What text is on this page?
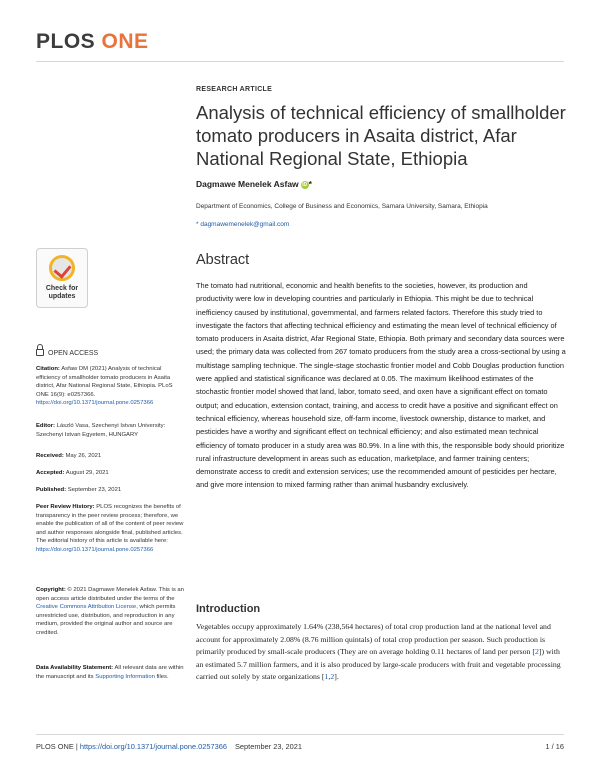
PLOS ONE
RESEARCH ARTICLE
Analysis of technical efficiency of smallholder tomato producers in Asaita district, Afar National Regional State, Ethiopia
Dagmawe Menelek Asfaw iD *
Department of Economics, College of Business and Economics, Samara University, Samara, Ethiopia
* dagmawemenelek@gmail.com
Check for
updates
OPEN ACCESS
Citation: Asfaw DM (2021) Analysis of technical efficiency of smallholder tomato producers in Asaita district, Afar National Regional State, Ethiopia. PLoS ONE 16(9): e0257366. https://doi.org/10.1371/journal.pone.0257366
Editor: László Vasa, Szechenyi Istvan University: Szechenyi Istvan Egyetem, HUNGARY
Received: May 26, 2021
Accepted: August 29, 2021
Published: September 23, 2021
Peer Review History: PLOS recognizes the benefits of transparency in the peer review process; therefore, we enable the publication of all of the content of peer review and author responses alongside final, published articles. The editorial history of this article is available here: https://doi.org/10.1371/journal.pone.0257366
Copyright: © 2021 Dagmawe Menelek Asfaw. This is an open access article distributed under the terms of the Creative Commons Attribution License, which permits unrestricted use, distribution, and reproduction in any medium, provided the original author and source are credited.
Data Availability Statement: All relevant data are within the manuscript and its Supporting Information files.
Abstract

The tomato had nutritional, economic and health benefits to the societies, however, its production and productivity were low in developing countries and particularly in Ethiopia. This might be due to technical inefficiency caused by institutional, governmental, and farmers related factors. Therefore this study tried to investigate the factors that affecting technical efficiency and estimating the mean level of technical efficiency of tomato producers in Asaita district, Afar Regional State, Ethiopia. Both primary and secondary data sources were used; the primary data was collected from 267 tomato producers from the study area a cross-sectional by using a multistage sampling technique. The single-stage stochastic frontier model and Cobb Douglas production function were applied and statistical significance was declared at 0.05. The maximum likelihood estimates of the stochastic frontier model showed that land, labor, tomato seed, and oxen have a significant effect on tomato output; and education, extension contact, training, and access to credit have a positive and significant effect on technical efficiency, whereas household size, off-farm income, livestock ownership, distance to market, and pesticides have a worthy and significant effect on technical efficiency; and also estimated mean technical efficiency of tomato producer in a study area was 80.9%. In a line with this, the responsible body should prioritize rural infrastructure development in areas such as education, marketplace, and farmer training centers; demonstrate access to credit and extension services; use the recommended amount of pesticides per hectare, and give more intension to mixed farming rather than animal husbandry exclusively.

Introduction

Vegetables occupy approximately 1.64% (238,564 hectares) of total crop production land at the national level and account for approximately 2.08% (8.76 million quintals) of total crop production per season. Such production is primarily produced by small-scale producers (They are on average holding 0.11 hectares of land per person [2]) with an estimated 5.7 million farmers, and it is also produced by large-scale producers with fruit and vegetable processing carried out solely by state organizations [1,2].

PLOS ONE | https://doi.org/10.1371/journal.pone.0257366 September 23, 2021	1 / 16
